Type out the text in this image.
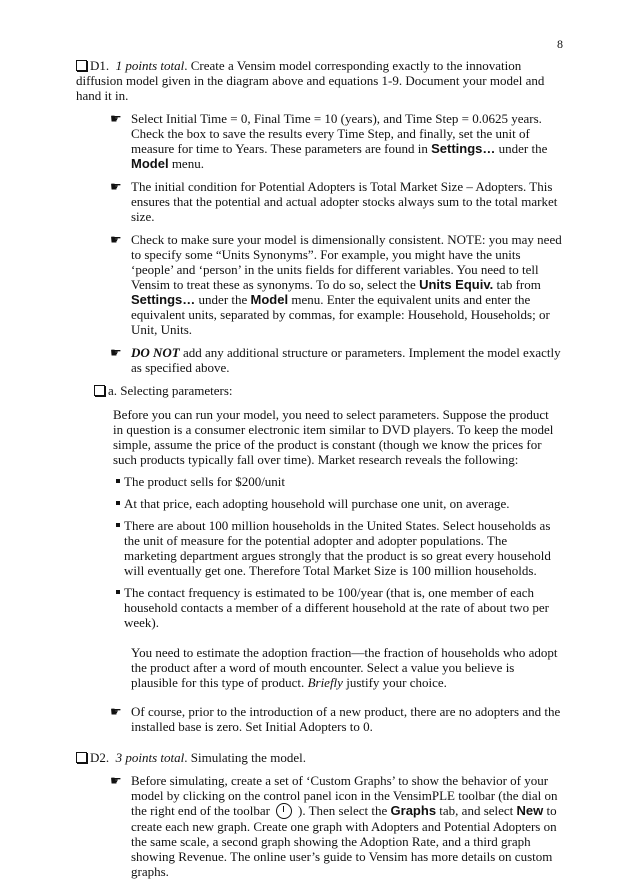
8

D1. 1 points total. Create a Vensim model corresponding exactly to the innovation diffusion model given in the diagram above and equations 1-9. Document your model and hand it in.

☛ Select Initial Time = 0, Final Time = 10 (years), and Time Step = 0.0625 years. Check the box to save the results every Time Step, and finally, set the unit of measure for time to Years. These parameters are found in Settings… under the Model menu.
☛ The initial condition for Potential Adopters is Total Market Size – Adopters. This ensures that the potential and actual adopter stocks always sum to the total market size.
☛ Check to make sure your model is dimensionally consistent. NOTE: you may need to specify some “Units Synonyms”. For example, you might have the units ‘people’ and ‘person’ in the units fields for different variables. You need to tell Vensim to treat these as synonyms. To do so, select the Units Equiv. tab from Settings… under the Model menu. Enter the equivalent units and enter the equivalent units, separated by commas, for example: Household, Households; or Unit, Units.
☛ DO NOT add any additional structure or parameters. Implement the model exactly as specified above.

a. Selecting parameters:

Before you can run your model, you need to select parameters. Suppose the product in question is a consumer electronic item similar to DVD players. To keep the model simple, assume the price of the product is constant (though we know the prices for such products typically fall over time). Market research reveals the following:

The product sells for $200/unit
At that price, each adopting household will purchase one unit, on average.
There are about 100 million households in the United States. Select households as the unit of measure for the potential adopter and adopter populations. The marketing department argues strongly that the product is so great every household will eventually get one. Therefore Total Market Size is 100 million households.
The contact frequency is estimated to be 100/year (that is, one member of each household contacts a member of a different household at the rate of about two per week).

You need to estimate the adoption fraction—the fraction of households who adopt the product after a word of mouth encounter. Select a value you believe is plausible for this type of product. Briefly justify your choice.

☛ Of course, prior to the introduction of a new product, there are no adopters and the installed base is zero. Set Initial Adopters to 0.

D2. 3 points total. Simulating the model.

☛ Before simulating, create a set of ‘Custom Graphs’ to show the behavior of your model by clicking on the control panel icon in the VensimPLE toolbar (the dial on the right end of the toolbar ). Then select the Graphs tab, and select New to create each new graph. Create one graph with Adopters and Potential Adopters on the same scale, a second graph showing the Adoption Rate, and a third graph showing Revenue. The online user’s guide to Vensim has more details on custom graphs.
